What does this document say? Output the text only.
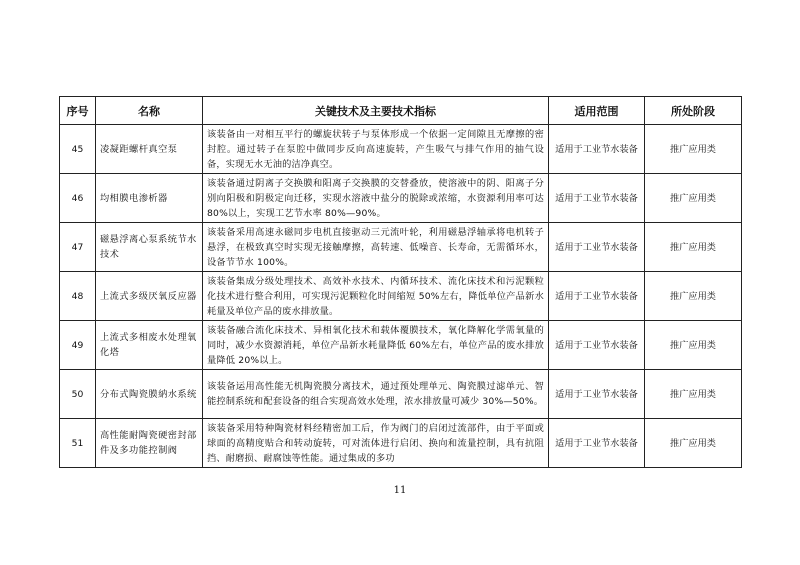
序号	名称	关键技术及主要技术指标	适用范围	所处阶段
45	凌凝距螺杆真空泵	该装备由一对相互平行的螺旋状转子与泵体形成一个依据一定间隙且无摩擦的密封腔。通过转子在泵腔中做同步反向高速旋转，产生吸气与排气作用的抽气设备，实现无水无油的洁净真空。	适用于工业节水装备	推广应用类
46	均相膜电渗析器	该装备通过阴离子交换膜和阳离子交换膜的交替叠放，使溶液中的阴、阳离子分别向阳极和阴极定向迁移，实现水溶液中盐分的脱除或浓缩，水资源利用率可达 80%以上，实现工艺节水率 80%—90%。	适用于工业节水装备	推广应用类
47	磁悬浮离心泵系统节水技术	该装备采用高速永磁同步电机直接驱动三元流叶轮，利用磁悬浮轴承将电机转子悬浮，在极致真空时实现无接触摩擦，高转速、低噪音、长寿命，无需循环水，设备节节水 100%。	适用于工业节水装备	推广应用类
48	上流式多级厌氧反应器	该装备集成分级处理技术、高效补水技术、内循环技术、流化床技术和污泥颗粒化技术进行整合利用，可实现污泥颗粒化时间缩短 50%左右，降低单位产品新水耗量及单位产品的废水排放量。	适用于工业节水装备	推广应用类
49	上流式多相废水处理氧化塔	该装备融合流化床技术、异相氧化技术和载体覆膜技术，氧化降解化学需氧量的同时，减少水资源消耗，单位产品新水耗量降低 60%左右，单位产品的废水排放量降低 20%以上。	适用于工业节水装备	推广应用类
50	分布式陶瓷膜納水系统	该装备运用高性能无机陶瓷膜分离技术，通过预处理单元、陶瓷膜过滤单元、智能控制系统和配套设备的组合实现高效水处理，浓水排放量可减少 30%—50%。	适用于工业节水装备	推广应用类
51	高性能耐陶瓷硬密封部件及多功能控制阀	该装备采用特种陶瓷材料经精密加工后，作为阀门的启闭过流部件，由于平面或球面的高精度贴合和转动旋转，可对流体进行启闭、换向和流量控制，具有抗阻挡、耐磨损、耐腐蚀等性能。通过集成的多功	适用于工业节水装备	推广应用类
11
